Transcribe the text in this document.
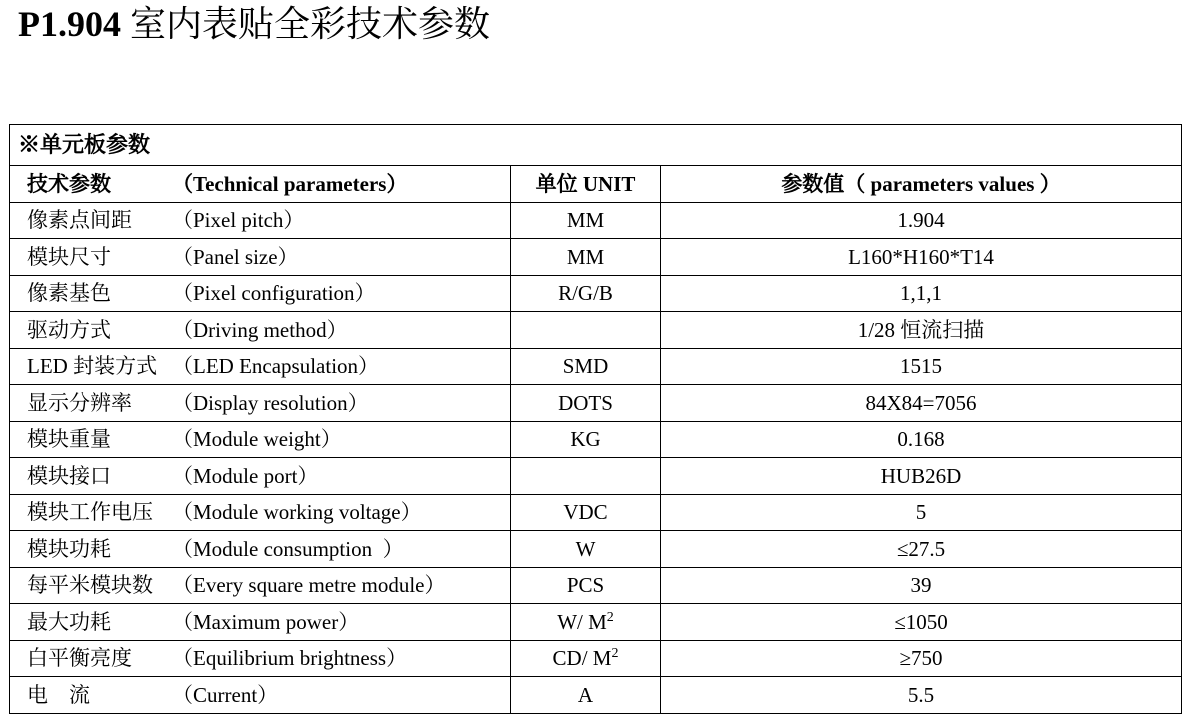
P1.904 室内表贴全彩技术参数
※单元板参数		
技术参数 （Technical parameters）	单位 UNIT	参数值（ parameters values ）
像素点间距 （Pixel pitch）	MM	1.904
模块尺寸 （Panel size）	MM	L160*H160*T14
像素基色 （Pixel configuration）	R/G/B	1,1,1
驱动方式 （Driving method）		1/28 恒流扫描
LED 封装方式 （LED Encapsulation）	SMD	1515
显示分辨率 （Display resolution）	DOTS	84X84=7056
模块重量 （Module weight）	KG	0.168
模块接口 （Module port）		HUB26D
模块工作电压 （Module working voltage）	VDC	5
模块功耗 （Module consumption  ）	W	≤27.5
每平米模块数 （Every square metre module）	PCS	39
最大功耗 （Maximum power）	W/ $M^2$	≤1050
白平衡亮度 （Equilibrium brightness）	CD/ $M^2$	≥750
电    流 （Current）	A	5.5
